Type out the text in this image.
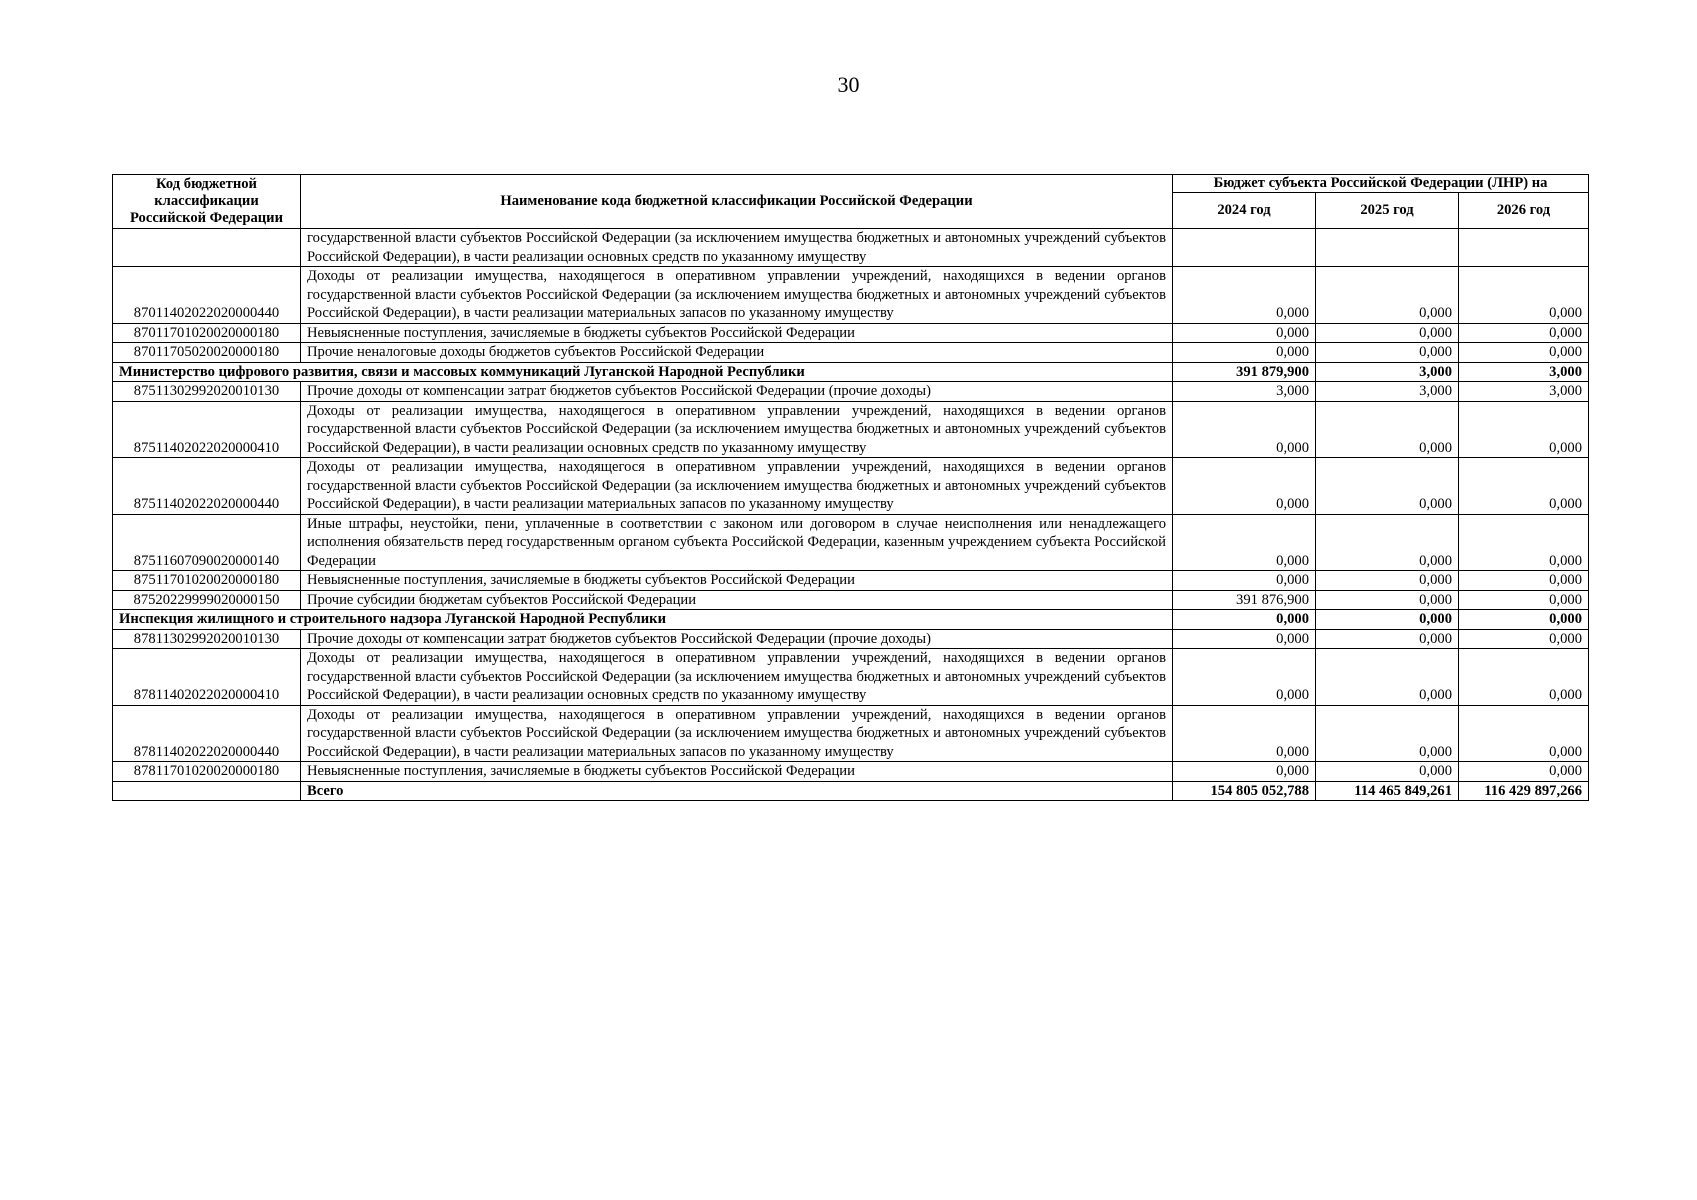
30
Код бюджетной классификации Российской Федерации	Наименование кода бюджетной классификации Российской Федерации	Бюджет субъекта Российской Федерации (ЛНР) на		
		2024 год	2025 год	2026 год
	государственной власти субъектов Российской Федерации (за исключением имущества бюджетных и автономных учреждений субъектов Российской Федерации), в части реализации основных средств по указанному имуществу			
87011402022020000440	Доходы от реализации имущества, находящегося в оперативном управлении учреждений, находящихся в ведении органов государственной власти субъектов Российской Федерации (за исключением имущества бюджетных и автономных учреждений субъектов Российской Федерации), в части реализации материальных запасов по указанному имуществу	0,000	0,000	0,000
87011701020020000180	Невыясненные поступления, зачисляемые в бюджеты субъектов Российской Федерации	0,000	0,000	0,000
87011705020020000180	Прочие неналоговые доходы бюджетов субъектов Российской Федерации	0,000	0,000	0,000
Министерство цифрового развития, связи и массовых коммуникаций Луганской Народной Республики		391 879,900	3,000	3,000
87511302992020010130	Прочие доходы от компенсации затрат бюджетов субъектов Российской Федерации (прочие доходы)	3,000	3,000	3,000
87511402022020000410	Доходы от реализации имущества, находящегося в оперативном управлении учреждений, находящихся в ведении органов государственной власти субъектов Российской Федерации (за исключением имущества бюджетных и автономных учреждений субъектов Российской Федерации), в части реализации основных средств по указанному имуществу	0,000	0,000	0,000
87511402022020000440	Доходы от реализации имущества, находящегося в оперативном управлении учреждений, находящихся в ведении органов государственной власти субъектов Российской Федерации (за исключением имущества бюджетных и автономных учреждений субъектов Российской Федерации), в части реализации материальных запасов по указанному имуществу	0,000	0,000	0,000
87511607090020000140	Иные штрафы, неустойки, пени, уплаченные в соответствии с законом или договором в случае неисполнения или ненадлежащего исполнения обязательств перед государственным органом субъекта Российской Федерации, казенным учреждением субъекта Российской Федерации	0,000	0,000	0,000
87511701020020000180	Невыясненные поступления, зачисляемые в бюджеты субъектов Российской Федерации	0,000	0,000	0,000
87520229999020000150	Прочие субсидии бюджетам субъектов Российской Федерации	391 876,900	0,000	0,000
Инспекция жилищного и строительного надзора Луганской Народной Республики		0,000	0,000	0,000
87811302992020010130	Прочие доходы от компенсации затрат бюджетов субъектов Российской Федерации (прочие доходы)	0,000	0,000	0,000
87811402022020000410	Доходы от реализации имущества, находящегося в оперативном управлении учреждений, находящихся в ведении органов государственной власти субъектов Российской Федерации (за исключением имущества бюджетных и автономных учреждений субъектов Российской Федерации), в части реализации основных средств по указанному имуществу	0,000	0,000	0,000
87811402022020000440	Доходы от реализации имущества, находящегося в оперативном управлении учреждений, находящихся в ведении органов государственной власти субъектов Российской Федерации (за исключением имущества бюджетных и автономных учреждений субъектов Российской Федерации), в части реализации материальных запасов по указанному имуществу	0,000	0,000	0,000
87811701020020000180	Невыясненные поступления, зачисляемые в бюджеты субъектов Российской Федерации	0,000	0,000	0,000
	Всего	154 805 052,788	114 465 849,261	116 429 897,266
